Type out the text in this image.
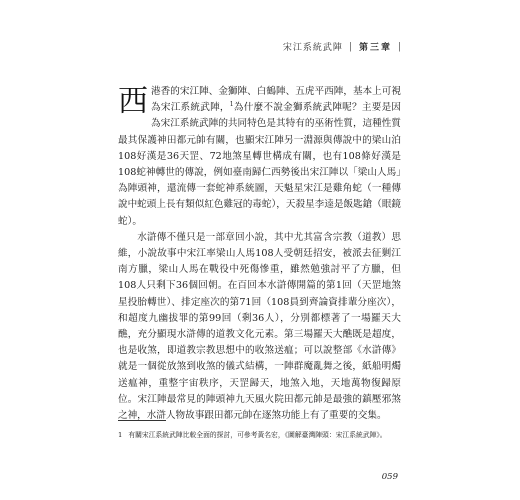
宋江系統武陣 | 第三章 |

西港香的宋江陣、金獅陣、白鶴陣、五虎平西陣，基本上可視為宋江系統武陣，$^1$為什麼不說金獅系統武陣呢？主要是因為宋江系統武陣的共同特色是其特有的巫術性質，這種性質最其保護神田都元帥有關，也顯宋江陣另一淵源與傳說中的梁山泊108好漢是36天罡、72地煞星轉世構成有關，也有108條好漢是108蛇神轉世的傳說，例如臺南歸仁西勢後出宋江陣以「梁山人馬」為陣頭神，還流傳一套蛇神系統圖，天魁星宋江是雞角蛇（一種傳說中蛇頭上長有類似紅色雞冠的毒蛇），天殺星李逵是飯匙鎗（眼鏡蛇）。

水滸傳不僅只是一部章回小說，其中尤其富含宗教（道教）思維，小說故事中宋江率梁山人馬108人受朝廷招安，被派去征剿江南方臘，梁山人馬在戰役中死傷慘重，雖然勉強討平了方臘，但108人只剩下36個回朝。在百回本水滸傳開篇的第1回（天罡地煞星投胎轉世）、排定座次的第71回（108員到齊論資排輩分座次），和超度九幽拔罪的第99回（剩36人），分別都標著了一場羅天大醮，充分顯現水滸傳的道教文化元素。第三場羅天大醮既是超度，也是收煞，即道教宗教思想中的收煞送瘟；可以說整部《水滸傳》就是一個從放煞到收煞的儀式結構，一陣群魔亂舞之後，紙船明燭送瘟神，重整宇宙秩序，天罡歸天，地煞入地，天地萬物復歸原位。宋江陣最常見的陣頭神九天風火院田都元帥是最強的鎮壓邪煞之神，水滸人物故事跟田都元帥在逐煞功能上有了重要的交集。

1 有關宋江系統武陣比較全面的探討，可參考黃名宏，《圖解臺灣陣頭：宋江系統武陣》。
059
